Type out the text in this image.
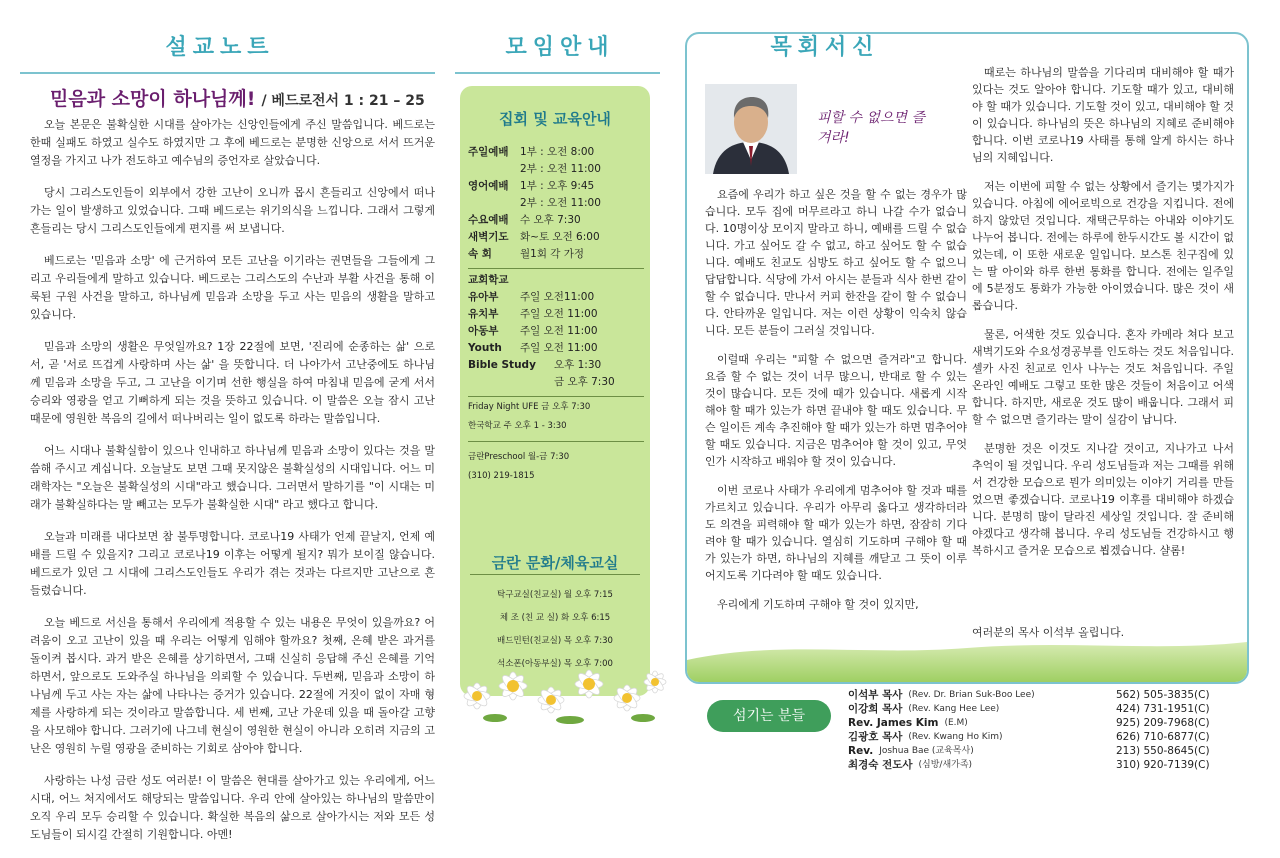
설교노트
믿음과 소망이 하나님께! / 베드로전서 1 : 21 – 25

오늘 본문은 불확실한 시대를 살아가는 신앙인들에게 주신 말씀입니다. 베드로는 한때 실패도 하였고 실수도 하였지만 그 후에 베드로는 분명한 신앙으로 서서 뜨거운 열정을 가지고 나가 전도하고 예수님의 증언자로 살았습니다.

당시 그리스도인들이 외부에서 강한 고난이 오니까 몹시 흔들리고 신앙에서 떠나가는 일이 발생하고 있었습니다. 그때 베드로는 위기의식을 느낍니다. 그래서 그렇게 흔들리는 당시 그리스도인들에게 편지를 써 보냅니다.

베드로는 '믿음과 소망' 에 근거하여 모든 고난을 이기라는 권면들을 그들에게 그리고 우리들에게 말하고 있습니다. 베드로는 그리스도의 수난과 부활 사건을 통해 이룩된 구원 사건을 말하고, 하나님께 믿음과 소망을 두고 사는 믿음의 생활을 말하고 있습니다.

믿음과 소망의 생활은 무엇일까요? 1장 22절에 보면, '진리에 순종하는 삶' 으로서, 곧 '서로 뜨겁게 사랑하며 사는 삶' 을 뜻합니다. 더 나아가서 고난중에도 하나님께 믿음과 소망을 두고, 그 고난을 이기며 선한 행실을 하여 마침내 믿음에 굳게 서서 승리와 영광을 얻고 기뻐하게 되는 것을 뜻하고 있습니다. 이 말씀은 오늘 잠시 고난 때문에 영원한 복음의 길에서 떠나버리는 일이 없도록 하라는 말씀입니다.

어느 시대나 불확실함이 있으나 인내하고 하나님께 믿음과 소망이 있다는 것을 말씀해 주시고 계십니다. 오늘날도 보면 그때 못지않은 불확실성의 시대입니다. 어느 미래학자는 "오늘은 불확실성의 시대"라고 했습니다. 그러면서 말하기를 "이 시대는 미래가 불확실하다는 말 빼고는 모두가 불확실한 시대" 라고 했다고 합니다.

오늘과 미래를 내다보면 참 불투명합니다. 코로나19 사태가 언제 끝날지, 언제 예배를 드릴 수 있을지? 그리고 코로나19 이후는 어떻게 될지? 뭐가 보이질 않습니다. 베드로가 있던 그 시대에 그리스도인들도 우리가 겪는 것과는 다르지만 고난으로 흔들렸습니다.

오늘 베드로 서신을 통해서 우리에게 적용할 수 있는 내용은 무엇이 있을까요? 어려움이 오고 고난이 있을 때 우리는 어떻게 임해야 할까요? 첫째, 은혜 받은 과거를 돌이켜 봅시다. 과거 받은 은혜를 상기하면서, 그때 신실히 응답해 주신 은혜를 기억하면서, 앞으로도 도와주실 하나님을 의뢰할 수 있습니다. 두번째, 믿음과 소망이 하나님께 두고 사는 자는 삶에 나타나는 증거가 있습니다. 22절에 거짓이 없이 자매 형제를 사랑하게 되는 것이라고 말씀합니다. 세 번째, 고난 가운데 있을 때 돌아갈 고향을 사모해야 합니다. 그러기에 나그네 현실이 영원한 현실이 아니라 오히려 지금의 고난은 영원히 누릴 영광을 준비하는 기회로 삼아야 합니다.

사랑하는 나성 금란 성도 여러분! 이 말씀은 현대를 살아가고 있는 우리에게, 어느 시대, 어느 처지에서도 해당되는 말씀입니다. 우리 안에 살아있는 하나님의 말씀만이 오직 우리 모두 승리할 수 있습니다. 확실한 복음의 삶으로 살아가시는 저와 모든 성도님들이 되시길 간절히 기원합니다. 아멘!

모임안내
집회 및 교육안내
주일예배	1부 : 오전 8:00
2부 : 오전 11:00
영어예배	1부 : 오후 9:45
2부 : 오전 11:00
수요예배	수 오후 7:30
새벽기도	화~토 오전 6:00
속 회	월1회 각 가정
교회학교
유아부	주일 오전11:00
유치부	주일 오전 11:00
아동부	주일 오전 11:00
Youth	주일 오전 11:00
Bible Study	오후 1:30
금 오후 7:30
Friday Night UFE 금 오후 7:30
한국학교 주 오후 1 - 3:30
금란Preschool 월-금 7:30
(310) 219-1815
금란 문화/체육교실
탁구교실(친교실) 월 오후 7:15
체 조 (친 교 실) 화 오후 6:15
배드민턴(친교실) 목 오후 7:30
석소폰(아동부실) 목 오후 7:00
목회서신
피할 수 없으면 즐겨라!

요즘에 우리가 하고 싶은 것을 할 수 없는 경우가 많습니다. 모두 집에 머무르라고 하니 나갈 수가 없습니다. 10명이상 모이지 말라고 하니, 예배를 드릴 수 없습니다. 가고 싶어도 갈 수 없고, 하고 싶어도 할 수 없습니다. 예배도 친교도 심방도 하고 싶어도 할 수 없으니 답답합니다. 식당에 가서 아시는 분들과 식사 한번 같이 할 수 없습니다. 만나서 커피 한잔을 같이 할 수 없습니다. 안타까운 일입니다. 저는 이런 상황이 익숙치 않습니다. 모든 분들이 그러실 것입니다.

이럴때 우리는 "피할 수 없으면 즐겨라"고 합니다. 요즘 할 수 없는 것이 너무 많으니, 반대로 할 수 있는 것이 많습니다. 모든 것에 때가 있습니다. 새롭게 시작해야 할 때가 있는가 하면 끝내야 할 때도 있습니다. 무슨 일이든 계속 추진해야 할 때가 있는가 하면 멈추어야 할 때도 있습니다. 지금은 멈추어야 할 것이 있고, 무엇인가 시작하고 배워야 할 것이 있습니다.

이번 코로나 사태가 우리에게 멈추어야 할 것과 때를 가르치고 있습니다. 우리가 아무리 옳다고 생각하더라도 의견을 피력해야 할 때가 있는가 하면, 잠잠히 기다려야 할 때가 있습니다. 열심히 기도하며 구해야 할 때가 있는가 하면, 하나님의 지혜를 깨닫고 그 뜻이 이루어지도록 기다려야 할 때도 있습니다.

우리에게 기도하며 구해야 할 것이 있지만,

때로는 하나님의 말씀을 기다리며 대비해야 할 때가 있다는 것도 알아야 합니다. 기도할 때가 있고, 대비해야 할 때가 있습니다. 기도할 것이 있고, 대비해야 할 것이 있습니다. 하나님의 뜻은 하나님의 지혜로 준비해야 합니다. 이번 코로나19 사태를 통해 알게 하시는 하나님의 지혜입니다.

저는 이번에 피할 수 없는 상황에서 즐기는 몇가지가 있습니다. 아침에 에어로빅으로 건강을 지킵니다. 전에 하지 않았던 것입니다. 재택근무하는 아내와 이야기도 나누어 봅니다. 전에는 하루에 한두시간도 볼 시간이 없었는데, 이 또한 새로운 일입니다. 보스톤 친구집에 있는 딸 아이와 하루 한번 통화를 합니다. 전에는 일주일에 5분정도 통화가 가능한 아이였습니다. 많은 것이 새롭습니다.

물론, 어색한 것도 있습니다. 혼자 카메라 쳐다 보고 새벽기도와 수요성경공부를 인도하는 것도 처음입니다. 셀카 사진 친교로 인사 나누는 것도 처음입니다. 주일 온라인 예배도 그렇고 또한 많은 것들이 처음이고 어색합니다. 하지만, 새로운 것도 많이 배웁니다. 그래서 피할 수 없으면 즐기라는 말이 실감이 납니다.

분명한 것은 이것도 지나갈 것이고, 지나가고 나서 추억이 될 것입니다. 우리 성도님들과 저는 그때를 위해서 건강한 모습으로 뭔가 의미있는 이야기 거리를 만들었으면 좋겠습니다. 코로나19 이후를 대비해야 하겠습니다. 분명히 많이 달라진 세상일 것입니다. 잘 준비해야겠다고 생각해 봅니다. 우리 성도님들 건강하시고 행복하시고 즐거운 모습으로 뵙겠습니다. 샬롬!

여러분의 목사 이석부 올립니다.
섬기는 분들
이석부 목사 (Rev. Dr. Brian Suk-Boo Lee)	562) 505-3835(C)
이강희 목사 (Rev. Kang Hee Lee)	424) 731-1951(C)
Rev. James Kim (E.M)	925) 209-7968(C)
김광호 목사 (Rev. Kwang Ho Kim)	626) 710-6877(C)
Rev. Joshua Bae (교육목사)	213) 550-8645(C)
최경숙 전도사 (심방/새가족)	310) 920-7139(C)
